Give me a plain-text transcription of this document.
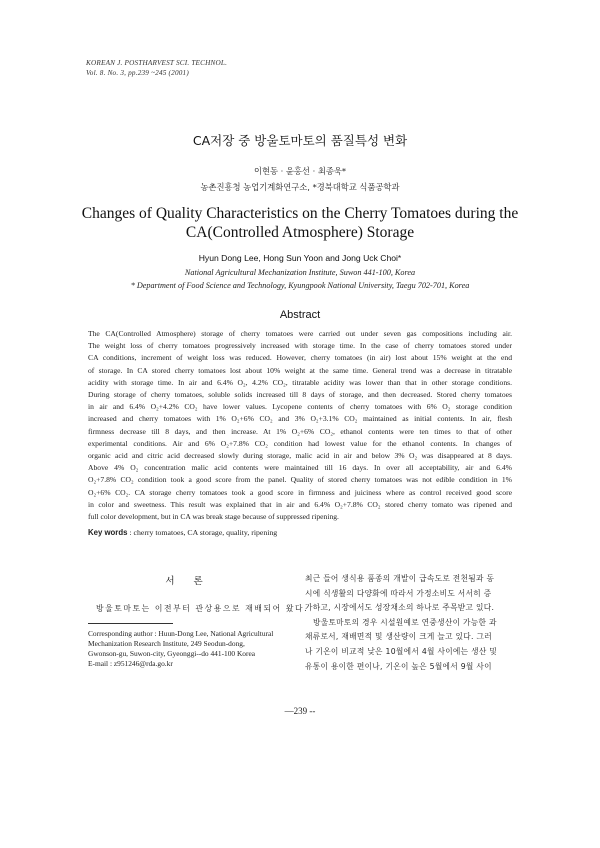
KOREAN J. POSTHARVEST SCI. TECHNOL.
Vol. 8. No. 3, pp.239 ~245 (2001)
CA저장 중 방울토마토의 품질특성 변화
이현동 · 윤홍선 · 최종욱*
농촌진흥청 농업기계화연구소, *경북대학교 식품공학과
Changes of Quality Characteristics on the Cherry Tomatoes during the
CA(Controlled Atmosphere) Storage
Hyun Dong Lee, Hong Sun Yoon and Jong Uck Choi*
National Agricultural Mechanization Institute, Suwon 441-100, Korea
* Department of Food Science and Technology, Kyungpook National University, Taegu 702-701, Korea
Abstract
The CA(Controlled Atmosphere) storage of cherry tomatoes were carried out under seven gas compositions including air.
The weight loss of cherry tomatoes progressively increased with storage time. In the case of cherry tomatoes stored under
CA conditions, increment of weight loss was reduced. However, cherry tomatoes (in air) lost about 15% weight at the end
of storage. In CA stored cherry tomatoes lost about 10% weight at the same time. General trend was a decrease in titratable
acidity with storage time. In air and 6.4% O₂, 4.2% CO₂, titratable acidity was lower than that in other storage conditions.
During storage of cherry tomatoes, soluble solids increased till 8 days of storage, and then decreased. Stored cherry tomatoes
in air and 6.4% O₂+4.2% CO₂ have lower values. Lycopene contents of cherry tomatoes with 6% O₂ storage condition
increased and cherry tomatoes with 1% O₂+6% CO₂ and 3% O₂+3.1% CO₂ maintained as initial contents. In air, flesh
firmness decrease till 8 days, and then increase. At 1% O₂+6% CO₂, ethanol contents were ten times to that of other
experimental conditions. Air and 6% O₂+7.8% CO₂ condition had lowest value for the ethanol contents. In changes of
organic acid and citric acid decreased slowly during storage, malic acid in air and below 3% O₂ was disappeared at 8 days.
Above 4% O₂ concentration malic acid contents were maintained till 16 days. In over all acceptability, air and 6.4%
O₂+7.8% CO₂ condition took a good score from the panel. Quality of stored cherry tomatoes was not edible condition in 1%
O₂+6% CO₂. CA storage cherry tomatoes took a good score in firmness and juiciness where as control received good score
in color and sweetness. This result was explained that in air and 6.4% O₂+7.8% CO₂ stored cherry tomato was ripened and
full color development, but in CA was break stage because of suppressed ripening.
Key words : cherry tomatoes, CA storage, quality, ripening
서 론
방울토마토는 이전부터 관상용으로 재배되어 왔다.
Corresponding author : Huun-Dong Lee, National Agricultural
Mechanization Research Institute, 249 Seodun-dong,
Gwonson-gu, Suwon-city, Gyeonggi--do 441-100 Korea
E-mail : z951246@rda.go.kr
최근 들어 생식용 품종의 개발이 급속도로 전천됨과 동
시에 식생활의 다양화에 따라서 가정소비도 서서히 증
가하고, 시장에서도 성장채소의 하나로 주목받고 있다.
방울토마토의 경우 시설원예로 연중생산이 가능한 과
채류로서, 재배면적 및 생산량이 크게 늘고 있다. 그러
나 기온이 비교적 낮은 10월에서 4월 사이에는 생산 및
유통이 용이한 편이나, 기온이 높은 5월에서 9월 사이
—239 --
